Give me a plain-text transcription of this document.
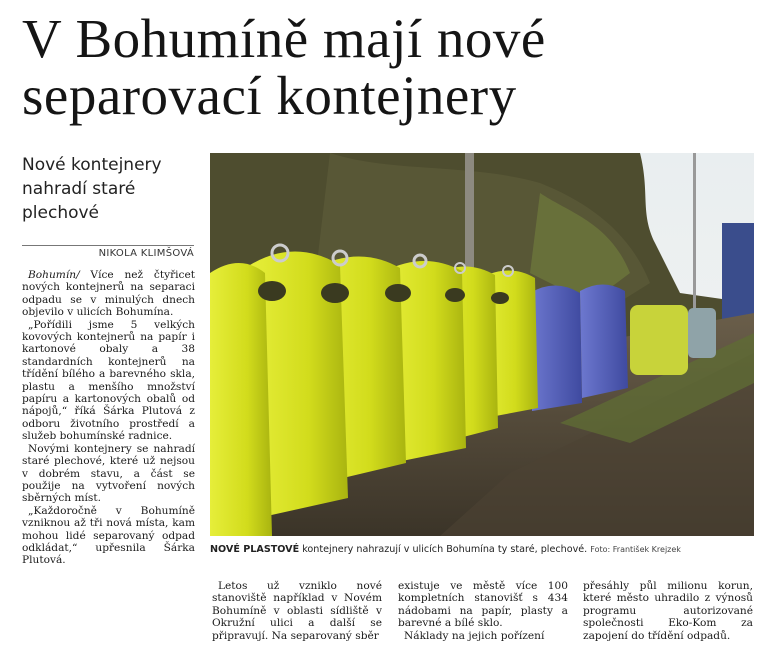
V Bohumíně mají nové separovací kontejnery
Nové kontejnery nahradí staré plechové
NIKOLA KLIMŠOVÁ

Bohumín/ Více než čtyřicet nových kontejnerů na separaci odpadu se v minulých dnech objevilo v ulicích Bohumína.

„Pořídili jsme 5 velkých kovových kontejnerů na papír i kartonové obaly a 38 standardních kontejnerů na třídění bílého a barevného skla, plastu a menšího množství papíru a kartonových obalů od nápojů,“ říká Šárka Plutová z odboru životního prostředí a služeb bohumínské radnice.

Novými kontejnery se nahradí staré plechové, které už nejsou v dobrém stavu, a část se použije na vytvoření nových sběrných míst.

„Každoročně v Bohumíně vzniknou až tři nová místa, kam mohou lidé separovaný odpad odkládat,“ upřesnila Šárka Plutová.

NOVÉ PLASTOVÉ kontejnery nahrazují v ulicích Bohumína ty staré, plechové. Foto: František Krejzek

Letos už vzniklo nové stanoviště například v Novém Bohumíně v oblasti sídliště v Okružní ulici a další se připravují. Na separovaný sběr

existuje ve městě více 100 kompletních stanovišť s 434 nádobami na papír, plasty a barevné a bílé sklo.

Náklady na jejich pořízení

přesáhly půl milionu korun, které město uhradilo z výnosů programu autorizované společnosti Eko-Kom za zapojení do třídění odpadů.
